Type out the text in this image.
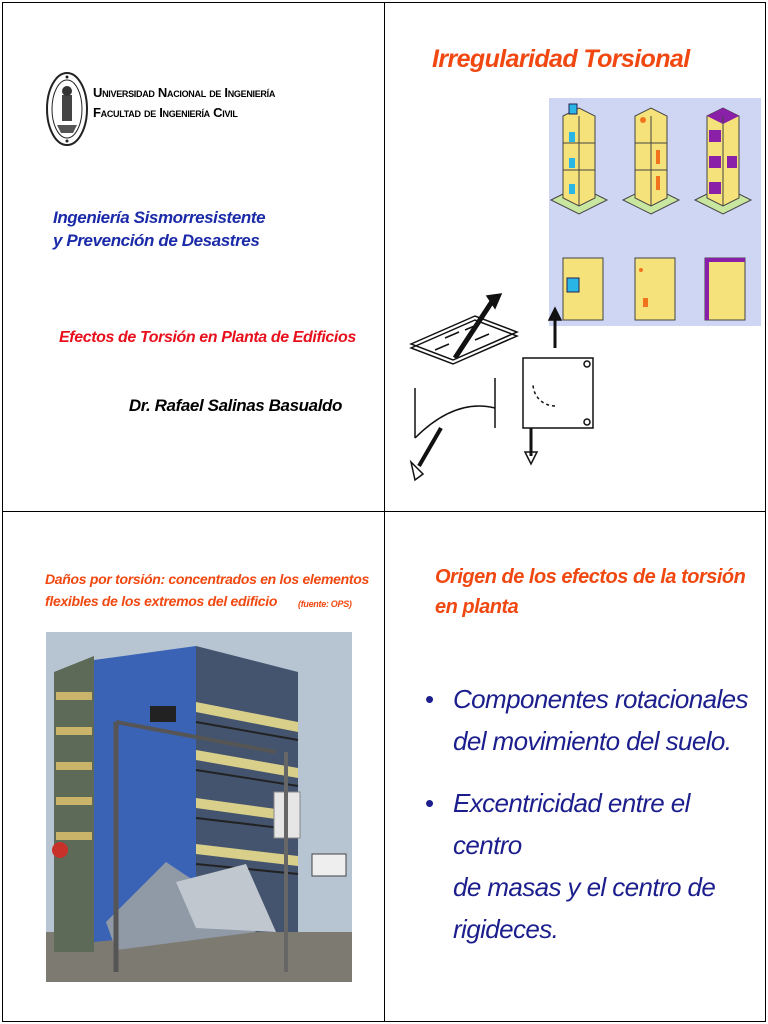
Universidad Nacional de Ingeniería
Facultad de Ingeniería Civil
Ingeniería Sismorresistente
y Prevención de Desastres
Efectos de Torsión en Planta de Edificios
Dr. Rafael Salinas Basualdo
Irregularidad Torsional
Daños por torsión: concentrados en los elementos
flexibles de los extremos del edificio	(fuente: OPS)
Origen de los efectos de la torsión
en planta
• Componentes rotacionales
del movimiento del suelo.
• Excentricidad entre el centro
de masas y el centro de
rigideces.
